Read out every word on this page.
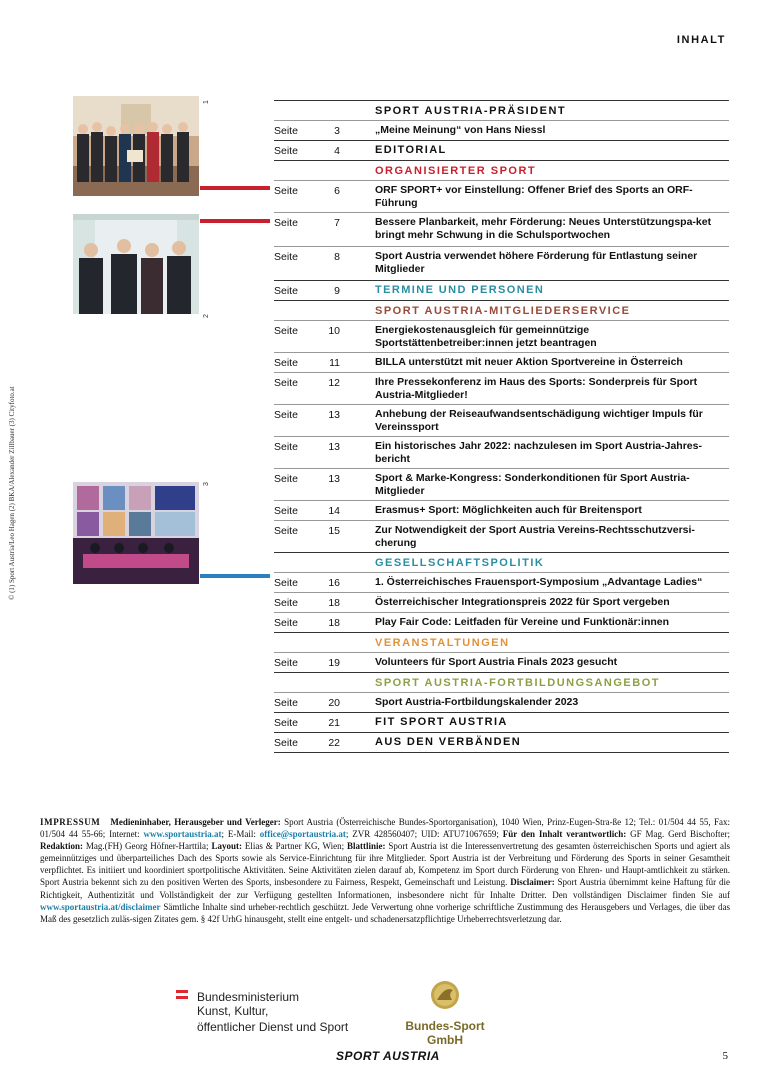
INHALT
© (1) Sport Austria/Leo Hagen (2) BKA/Alexander Zillbauer (3) Cityfoto.at
1
2
3
SPORT AUSTRIA-PRÄSIDENT
Seite	3	„Meine Meinung“ von Hans Niessl
Seite	4	EDITORIAL
ORGANISIERTER SPORT
Seite	6	ORF SPORT+ vor Einstellung: Offener Brief des Sports an ORF-Führung
Seite	7	Bessere Planbarkeit, mehr Förderung: Neues Unterstützungspa-ket bringt mehr Schwung in die Schulsportwochen
Seite	8	Sport Austria verwendet höhere Förderung für Entlastung seiner Mitglieder
Seite	9	TERMINE UND PERSONEN
SPORT AUSTRIA-MITGLIEDERSERVICE
Seite	10	Energiekostenausgleich für gemeinnützige Sportstättenbetreiber:innen jetzt beantragen
Seite	11	BILLA unterstützt mit neuer Aktion Sportvereine in Österreich
Seite	12	Ihre Pressekonferenz im Haus des Sports: Sonderpreis für Sport Austria-Mitglieder!
Seite	13	Anhebung der Reiseaufwandsentschädigung wichtiger Impuls für Vereinssport
Seite	13	Ein historisches Jahr 2022: nachzulesen im Sport Austria-Jahres-bericht
Seite	13	Sport & Marke-Kongress: Sonderkonditionen für Sport Austria-Mitglieder
Seite	14	Erasmus+ Sport: Möglichkeiten auch für Breitensport
Seite	15	Zur Notwendigkeit der Sport Austria Vereins-Rechtsschutzversi-cherung
GESELLSCHAFTSPOLITIK
Seite	16	1. Österreichisches Frauensport-Symposium „Advantage Ladies“
Seite	18	Österreichischer Integrationspreis 2022 für Sport vergeben
Seite	18	Play Fair Code: Leitfaden für Vereine und Funktionär:innen
VERANSTALTUNGEN
Seite	19	Volunteers für Sport Austria Finals 2023 gesucht
SPORT AUSTRIA-FORTBILDUNGSANGEBOT
Seite	20	Sport Austria-Fortbildungskalender 2023
Seite	21	FIT SPORT AUSTRIA
Seite	22	AUS DEN VERBÄNDEN
IMPRESSUM Medieninhaber, Herausgeber und Verleger: Sport Austria (Österreichische Bundes-Sportorganisation), 1040 Wien, Prinz-Eugen-Stra-ße 12; Tel.: 01/504 44 55, Fax: 01/504 44 55-66; Internet: www.sportaustria.at; E-Mail: office@sportaustria.at; ZVR 428560407; UID: ATU71067659; Für den Inhalt verantwortlich: GF Mag. Gerd Bischofter; Redaktion: Mag.(FH) Georg Höfner-Harttila; Layout: Elias & Partner KG, Wien; Blattlinie: Sport Austria ist die Interessenvertretung des gesamten österreichischen Sports und agiert als gemeinnütziges und überparteiliches Dach des Sports sowie als Service-Einrichtung für ihre Mitglieder. Sport Austria ist der Verbreitung und Förderung des Sports in seiner Gesamtheit verpflichtet. Es initiiert und koordiniert sportpolitische Aktivitäten. Seine Aktivitäten zielen darauf ab, Kompetenz im Sport durch Förderung von Ehren- und Haupt-amtlichkeit zu stärken. Sport Austria bekennt sich zu den positiven Werten des Sports, insbesondere zu Fairness, Respekt, Gemeinschaft und Leistung. Disclaimer: Sport Austria übernimmt keine Haftung für die Richtigkeit, Authentizität und Vollständigkeit der zur Verfügung gestellten Informationen, insbesondere nicht für Inhalte Dritter. Den vollständigen Disclaimer finden Sie auf www.sportaustria.at/disclaimer Sämtliche Inhalte sind urheber-rechtlich geschützt. Jede Verwertung ohne vorherige schriftliche Zustimmung des Herausgebers und Verlages, die über das Maß des gesetzlich zuläs-sigen Zitates gem. § 42f UrhG hinausgeht, stellt eine entgelt- und schadenersatzpflichtige Urheberrechtsverletzung dar.
Bundesministerium
Kunst, Kultur,
öffentlicher Dienst und Sport	Bundes-Sport GmbH
SPORT AUSTRIA	5
